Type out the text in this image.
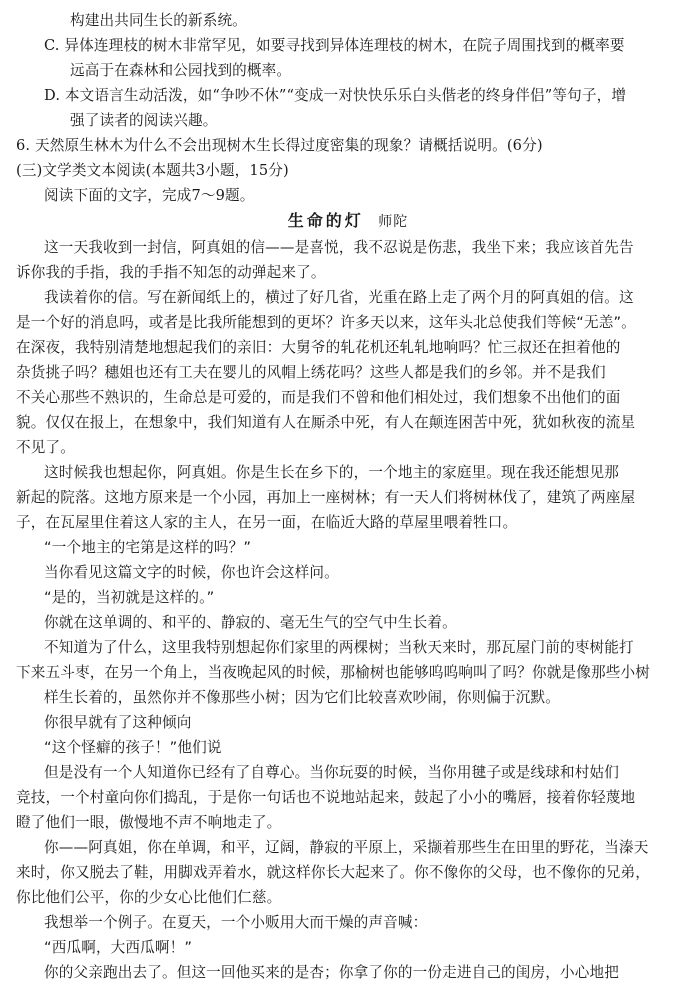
构建出共同生长的新系统。
C. 异体连理枝的树木非常罕见，如要寻找到异体连理枝的树木，在院子周围找到的概率要
远高于在森林和公园找到的概率。
D. 本文语言生动活泼，如“争吵不休”“变成一对快快乐乐白头偕老的终身伴侣”等句子，增
强了读者的阅读兴趣。
6. 天然原生林木为什么不会出现树木生长得过度密集的现象？请概括说明。(6分)
(三)文学类文本阅读(本题共3小题，15分)
阅读下面的文字，完成7～9题。
生命的灯 师陀
这一天我收到一封信，阿真姐的信——是喜悦，我不忍说是伤悲，我坐下来；我应该首先告
诉你我的手指，我的手指不知怎的动弹起来了。
我读着你的信。写在新闻纸上的，横过了好几省，光重在路上走了两个月的阿真姐的信。这
是一个好的消息吗，或者是比我所能想到的更坏？许多天以来，这年头北总使我们等候“无恙”。
在深夜，我特别清楚地想起我们的亲旧：大舅爷的轧花机还轧轧地响吗？忙三叔还在担着他的
杂货挑子吗？穗姐也还有工夫在婴儿的风帽上绣花吗？这些人都是我们的乡邻。并不是我们
不关心那些不熟识的，生命总是可爱的，而是我们不曾和他们相处过，我们想象不出他们的面
貌。仅仅在报上，在想象中，我们知道有人在厮杀中死，有人在颠连困苦中死，犹如秋夜的流星
不见了。
这时候我也想起你，阿真姐。你是生长在乡下的，一个地主的家庭里。现在我还能想见那
新起的院落。这地方原来是一个小园，再加上一座树林；有一天人们将树林伐了，建筑了两座屋
子，在瓦屋里住着这人家的主人，在另一面，在临近大路的草屋里喂着牲口。
“一个地主的宅第是这样的吗？”
当你看见这篇文字的时候，你也许会这样问。
“是的，当初就是这样的。”
你就在这单调的、和平的、静寂的、毫无生气的空气中生长着。
不知道为了什么，这里我特别想起你们家里的两棵树；当秋天来时，那瓦屋门前的枣树能打
下来五斗枣，在另一个角上，当夜晚起风的时候，那榆树也能够呜呜响叫了吗？你就是像那些小树
样生长着的，虽然你并不像那些小树；因为它们比较喜欢吵闹，你则偏于沉默。
你很早就有了这种倾向
“这个怪癖的孩子！”他们说
但是没有一个人知道你已经有了自尊心。当你玩耍的时候，当你用毽子或是线球和村姑们
竞技，一个村童向你们捣乱，于是你一句话也不说地站起来，鼓起了小小的嘴唇，接着你轻蔑地
瞪了他们一眼，傲慢地不声不响地走了。
你——阿真姐，你在单调，和平，辽阔，静寂的平原上，采撷着那些生在田里的野花，当溱天
来时，你又脱去了鞋，用脚戏弄着水，就这样你长大起来了。你不像你的父母，也不像你的兄弟，
你比他们公平，你的少女心比他们仁慈。
我想举一个例子。在夏天，一个小贩用大而干燥的声音喊：
“西瓜啊，大西瓜啊！”
你的父亲跑出去了。但这一回他买来的是杏；你拿了你的一份走进自己的闺房，小心地把
